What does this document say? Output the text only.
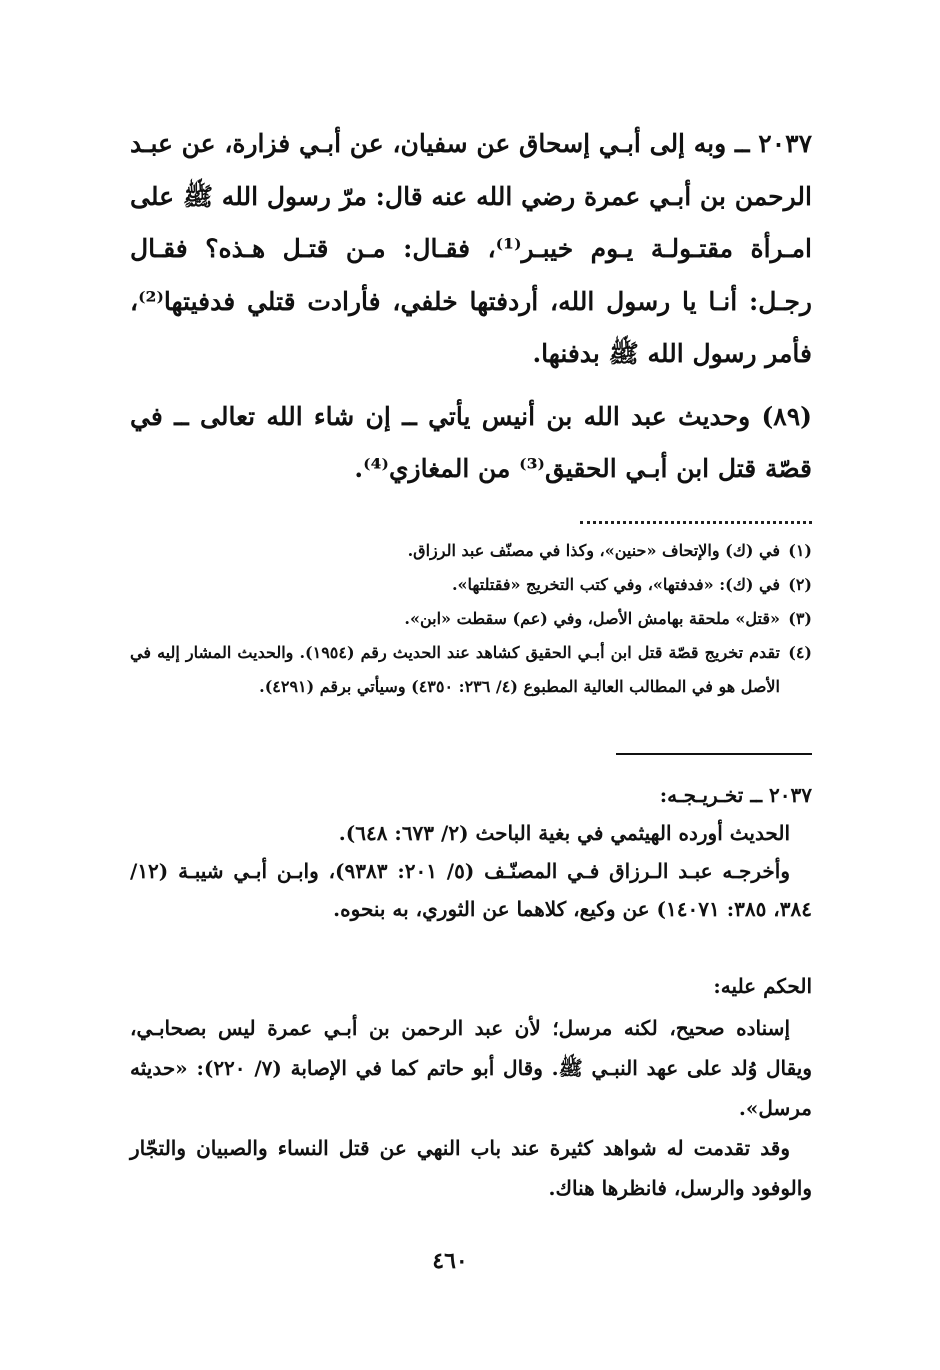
٢٠٣٧ ــ وبه إلى أبـي إسحاق عن سفيان، عن أبـي فزارة، عن عبـد الرحمن بن أبـي عمرة رضي الله عنه قال: مرّ رسول الله ﷺ على امـرأة مقتـولـة يـوم خيبـر⁽¹⁾، فقـال: مـن قتـل هـذه؟ فقـال رجـل: أنـا يا رسول الله، أردفتها خلفي، فأرادت قتلي فدفيتها⁽²⁾، فأمر رسول الله ﷺ بدفنها.

(٨٩) وحديث عبد الله بن أنيس يأتي ــ إن شاء الله تعالى ــ في قصّة قتل ابن أبـي الحقيق⁽³⁾ من المغازي⁽⁴⁾.

(١)
في (ك) والإتحاف «حنين»، وكذا في مصنّف عبد الرزاق.
(٢)
في (ك): «فدفتها»، وفي كتب التخريج «فقتلتها».
(٣)
«قتل» ملحقة بهامش الأصل، وفي (عم) سقطت «ابن».
(٤)
تقدم تخريج قصّة قتل ابن أبـي الحقيق كشاهد عند الحديث رقم (١٩٥٤). والحديث المشار إليه في الأصل هو في المطالب العالية المطبوع (٤/ ٢٣٦: ٤٣٥٠) وسيأتي برقم (٤٢٩١).

٢٠٣٧ ــ تخـريـجـه:

الحديث أورده الهيثمي في بغية الباحث (٢/ ٦٧٣: ٦٤٨).

وأخرجـه عبـد الـرزاق فـي المصنّـف (٥/ ٢٠١: ٩٣٨٣)، وابـن أبـي شيبـة (١٢/ ٣٨٤، ٣٨٥: ١٤٠٧١) عن وكيع، كلاهما عن الثوري، به بنحوه.

الحكم عليه:

إسناده صحيح، لكنه مرسل؛ لأن عبد الرحمن بن أبـي عمرة ليس بصحابـي، ويقال وُلد على عهد النبـي ﷺ. وقال أبو حاتم كما في الإصابة (٧/ ٢٢٠): «حديثه مرسل».

وقد تقدمت له شواهد كثيرة عند باب النهي عن قتل النساء والصبيان والتجّار والوفود والرسل، فانظرها هناك.

٤٦٠
